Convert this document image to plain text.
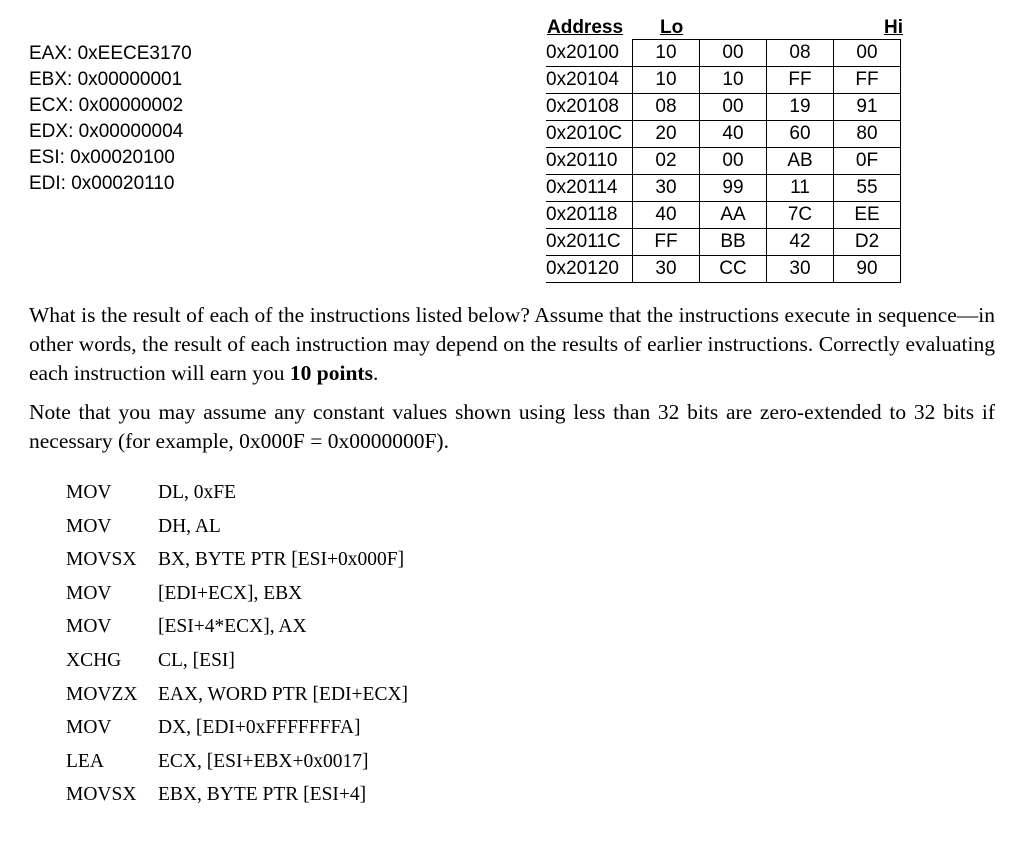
EAX: 0xEECE3170
EBX: 0x00000001
ECX: 0x00000002
EDX: 0x00000004
ESI: 0x00020100
EDI: 0x00020110
Address Lo	Hi
0x20100	10	00	08	00
0x20104	10	10	FF	FF
0x20108	08	00	19	91
0x2010C	20	40	60	80
0x20110	02	00	AB	0F
0x20114	30	99	11	55
0x20118	40	AA	7C	EE
0x2011C	FF	BB	42	D2
0x20120	30	CC	30	90

What is the result of each of the instructions listed below? Assume that the instructions execute in sequence—in other words, the result of each instruction may depend on the results of earlier instructions. Correctly evaluating each instruction will earn you 10 points.

Note that you may assume any constant values shown using less than 32 bits are zero-extended to 32 bits if necessary (for example, 0x000F = 0x0000000F).

MOV

DL, 0xFE

MOV

DH, AL

MOVSX

BX, BYTE PTR [ESI+0x000F]

MOV

[EDI+ECX], EBX

MOV

[ESI+4*ECX], AX

XCHG

CL, [ESI]

MOVZX

EAX, WORD PTR [EDI+ECX]

MOV

DX, [EDI+0xFFFFFFFA]

LEA

	ECX, [ESI+EBX+0x0017]

MOVSX

EBX, BYTE PTR [ESI+4]
